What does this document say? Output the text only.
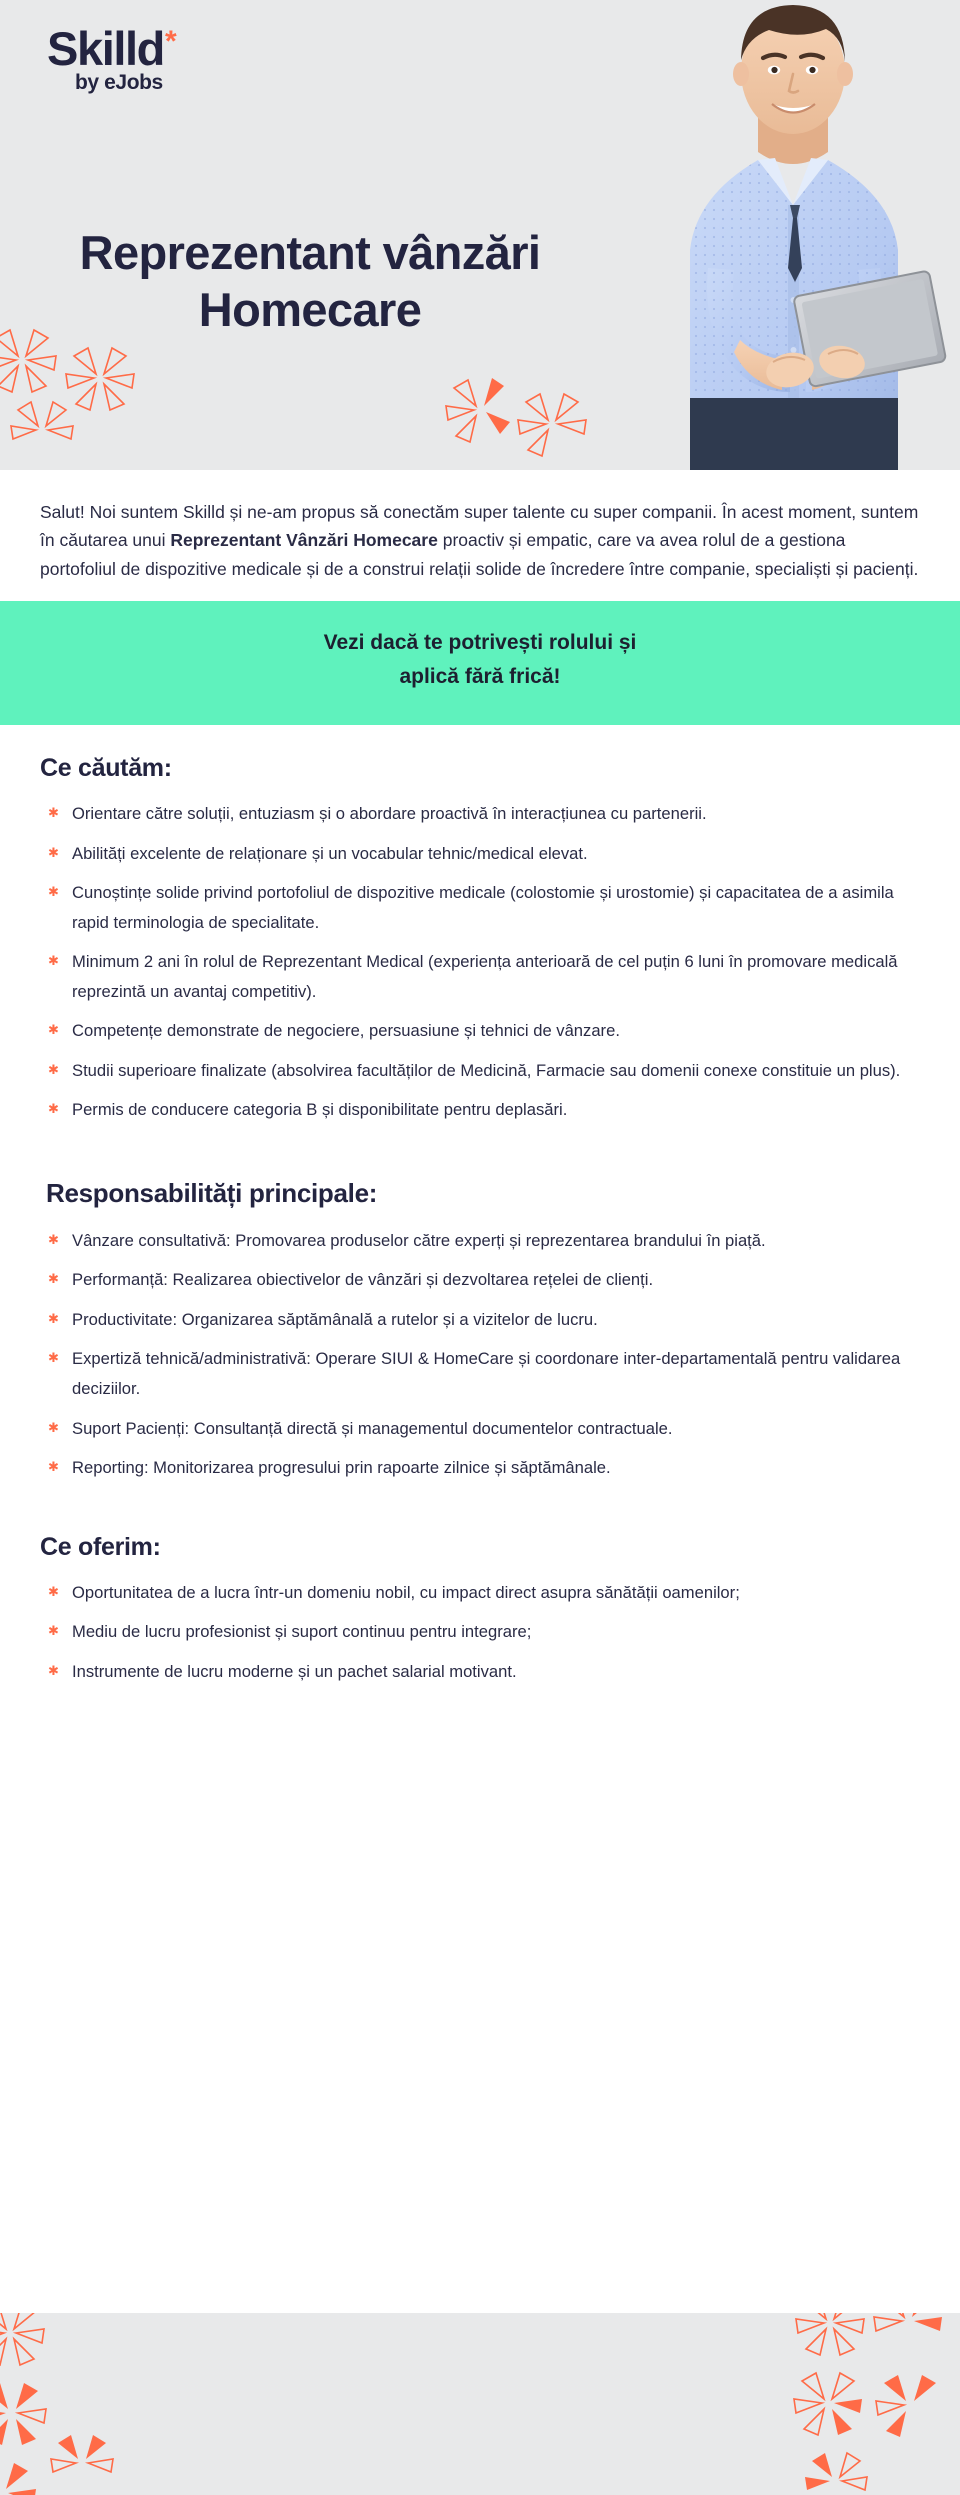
Skilld*
by eJobs
Reprezentant vânzări Homecare

Salut! Noi suntem Skilld și ne-am propus să conectăm super talente cu super companii. În acest moment, suntem în căutarea unui Reprezentant Vânzări Homecare proactiv și empatic, care va avea rolul de a gestiona portofoliul de dispozitive medicale și de a construi relații solide de încredere între companie, specialiști și pacienți.

Vezi dacă te potrivești rolului și
aplică fără frică!
Ce căutăm:
✱ Orientare către soluții, entuziasm și o abordare proactivă în interacțiunea cu partenerii.
✱ Abilități excelente de relaționare și un vocabular tehnic/medical elevat.
✱ Cunoștințe solide privind portofoliul de dispozitive medicale (colostomie și urostomie) și capacitatea de a asimila rapid terminologia de specialitate.
✱ Minimum 2 ani în rolul de Reprezentant Medical (experiența anterioară de cel puțin 6 luni în promovare medicală reprezintă un avantaj competitiv).
✱ Competențe demonstrate de negociere, persuasiune și tehnici de vânzare.
✱ Studii superioare finalizate (absolvirea facultăților de Medicină, Farmacie sau domenii conexe constituie un plus).
✱ Permis de conducere categoria B și disponibilitate pentru deplasări.
Responsabilități principale:
✱ Vânzare consultativă: Promovarea produselor către experți și reprezentarea brandului în piață.
✱ Performanță: Realizarea obiectivelor de vânzări și dezvoltarea rețelei de clienți.
✱ Productivitate: Organizarea săptămânală a rutelor și a vizitelor de lucru.
✱ Expertiză tehnică/administrativă: Operare SIUI & HomeCare și coordonare inter-departamentală pentru validarea deciziilor.
✱ Suport Pacienți: Consultanță directă și managementul documentelor contractuale.
✱ Reporting: Monitorizarea progresului prin rapoarte zilnice și săptămânale.
Ce oferim:
✱ Oportunitatea de a lucra într-un domeniu nobil, cu impact direct asupra sănătății oamenilor;
✱ Mediu de lucru profesionist și suport continuu pentru integrare;
✱ Instrumente de lucru moderne și un pachet salarial motivant.
